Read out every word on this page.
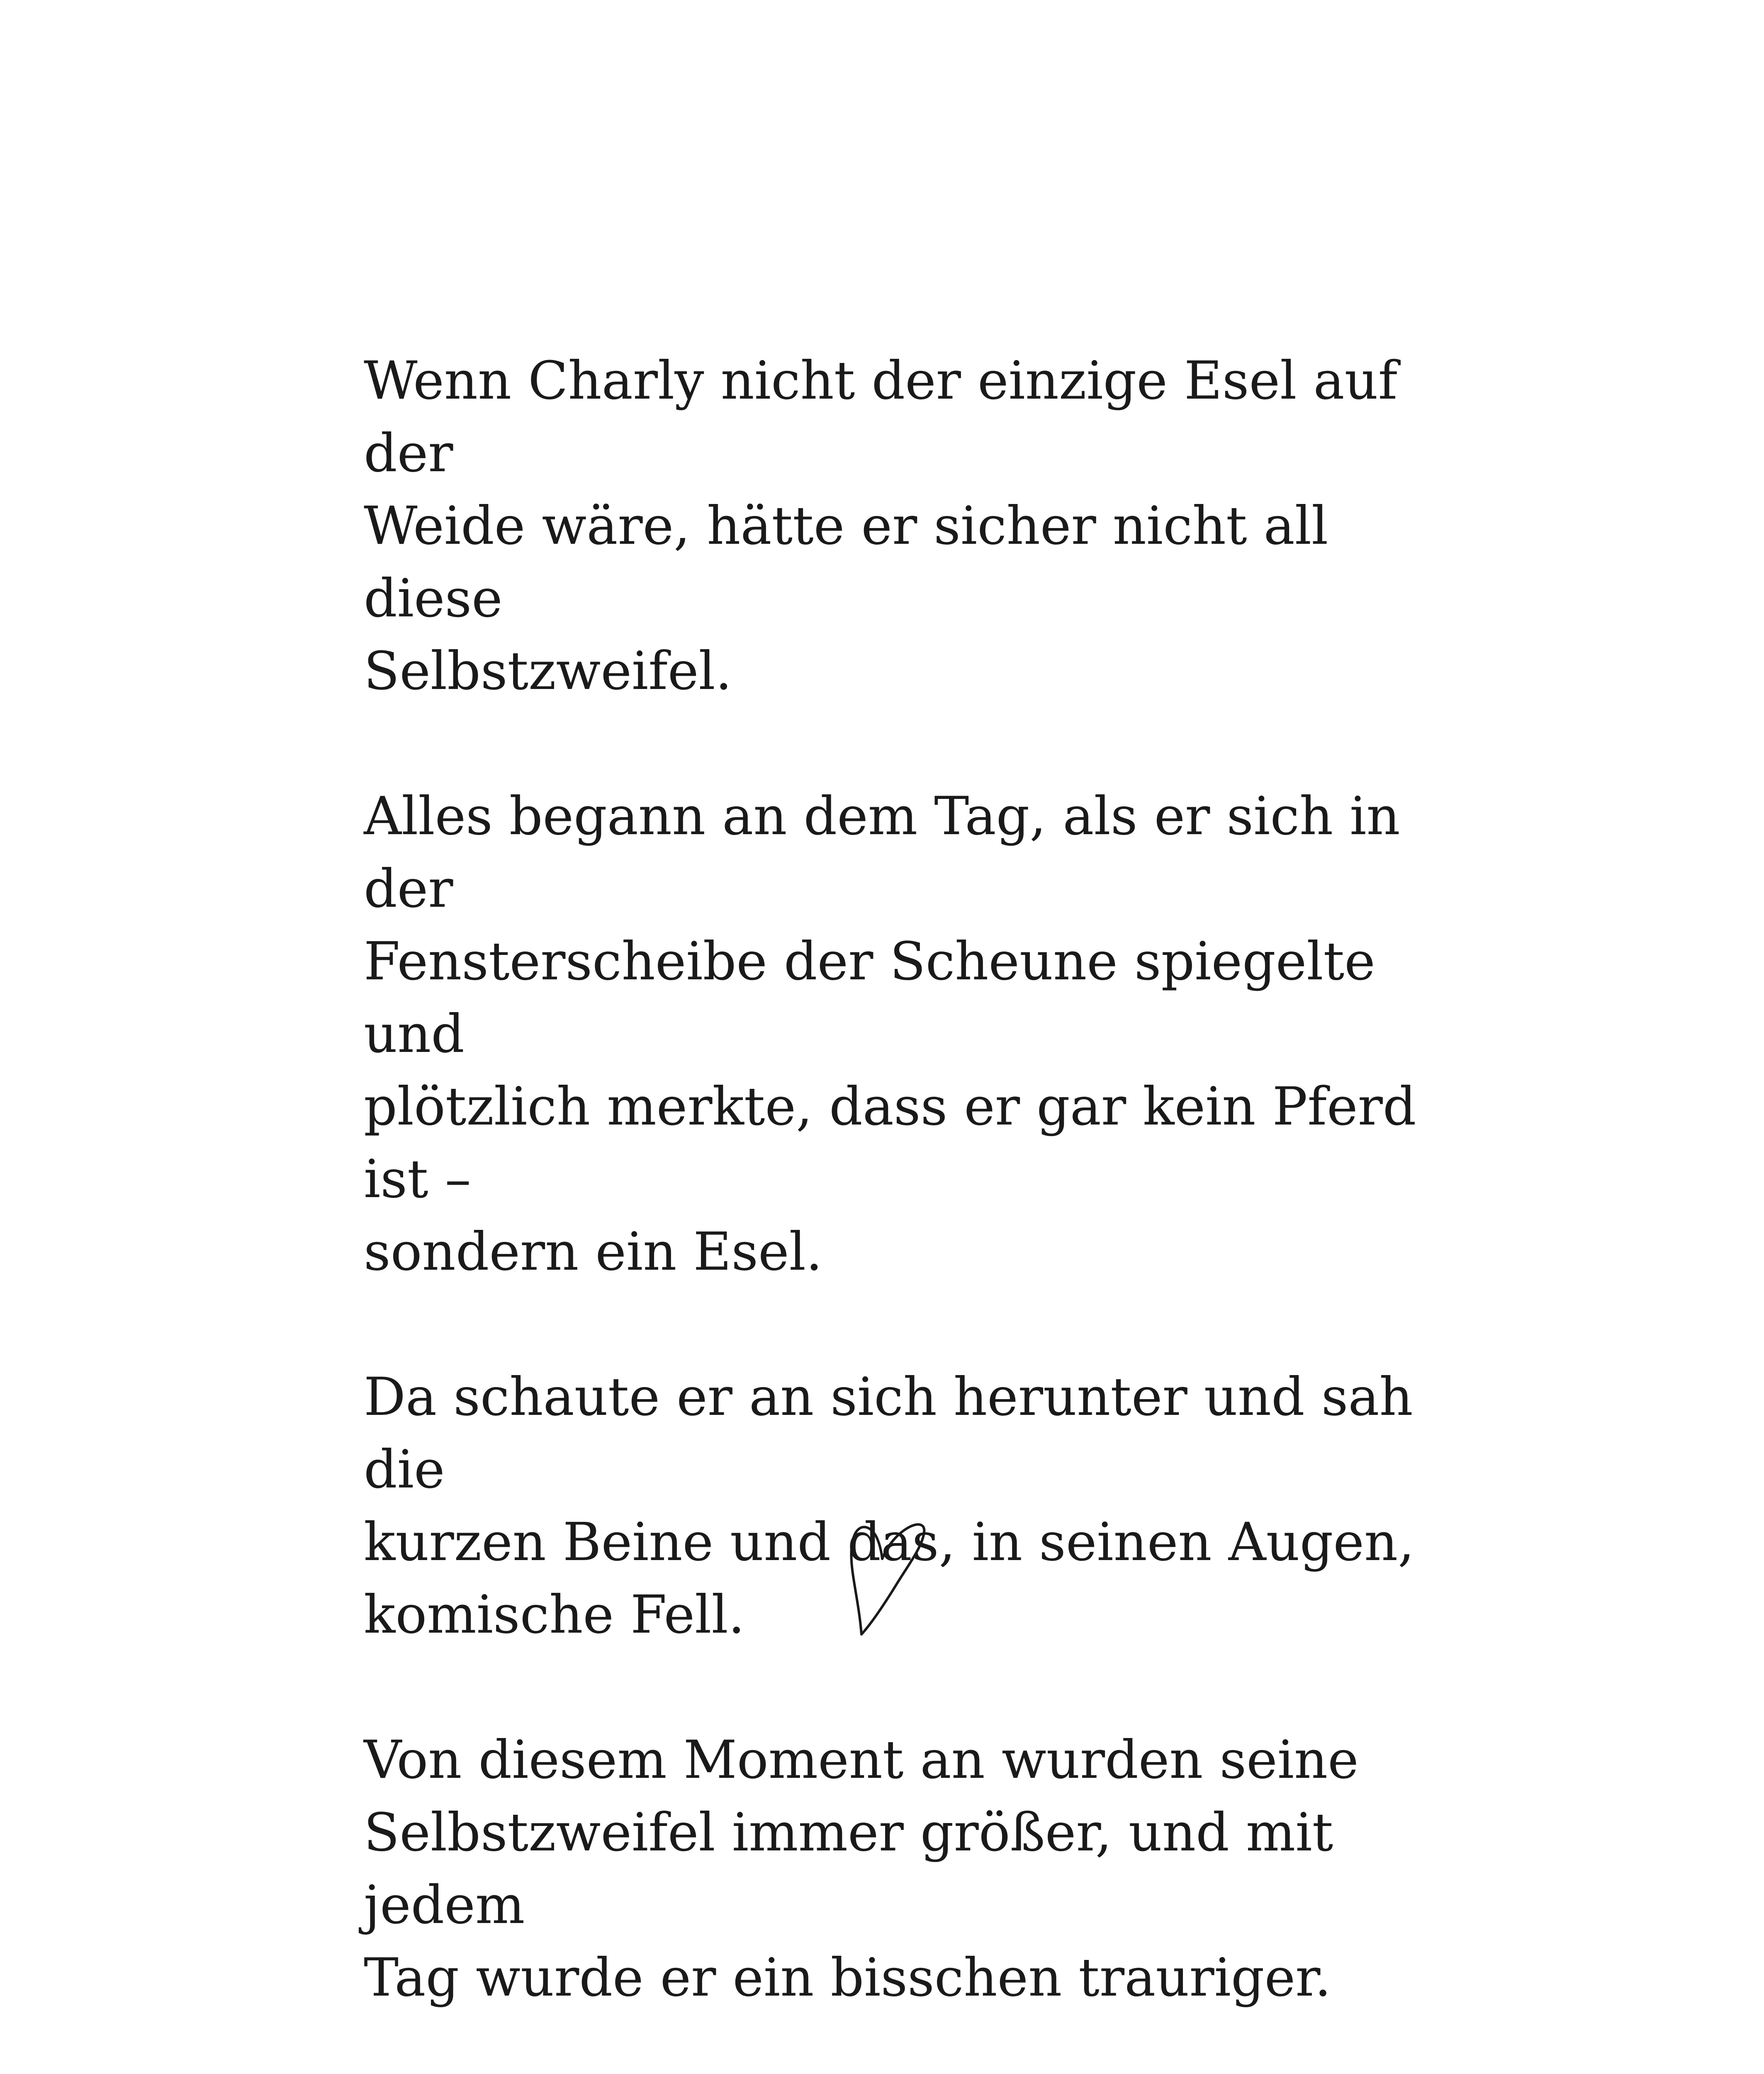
Wenn Charly nicht der einzige Esel auf der
Weide wäre, hätte er sicher nicht all diese
Selbstzweifel.

Alles begann an dem Tag, als er sich in der
Fensterscheibe der Scheune spiegelte und
plötzlich merkte, dass er gar kein Pferd ist –
sondern ein Esel.

Da schaute er an sich herunter und sah die
kurzen Beine und das, in seinen Augen,
komische Fell.

Von diesem Moment an wurden seine
Selbstzweifel immer größer, und mit jedem
Tag wurde er ein bisschen trauriger.
